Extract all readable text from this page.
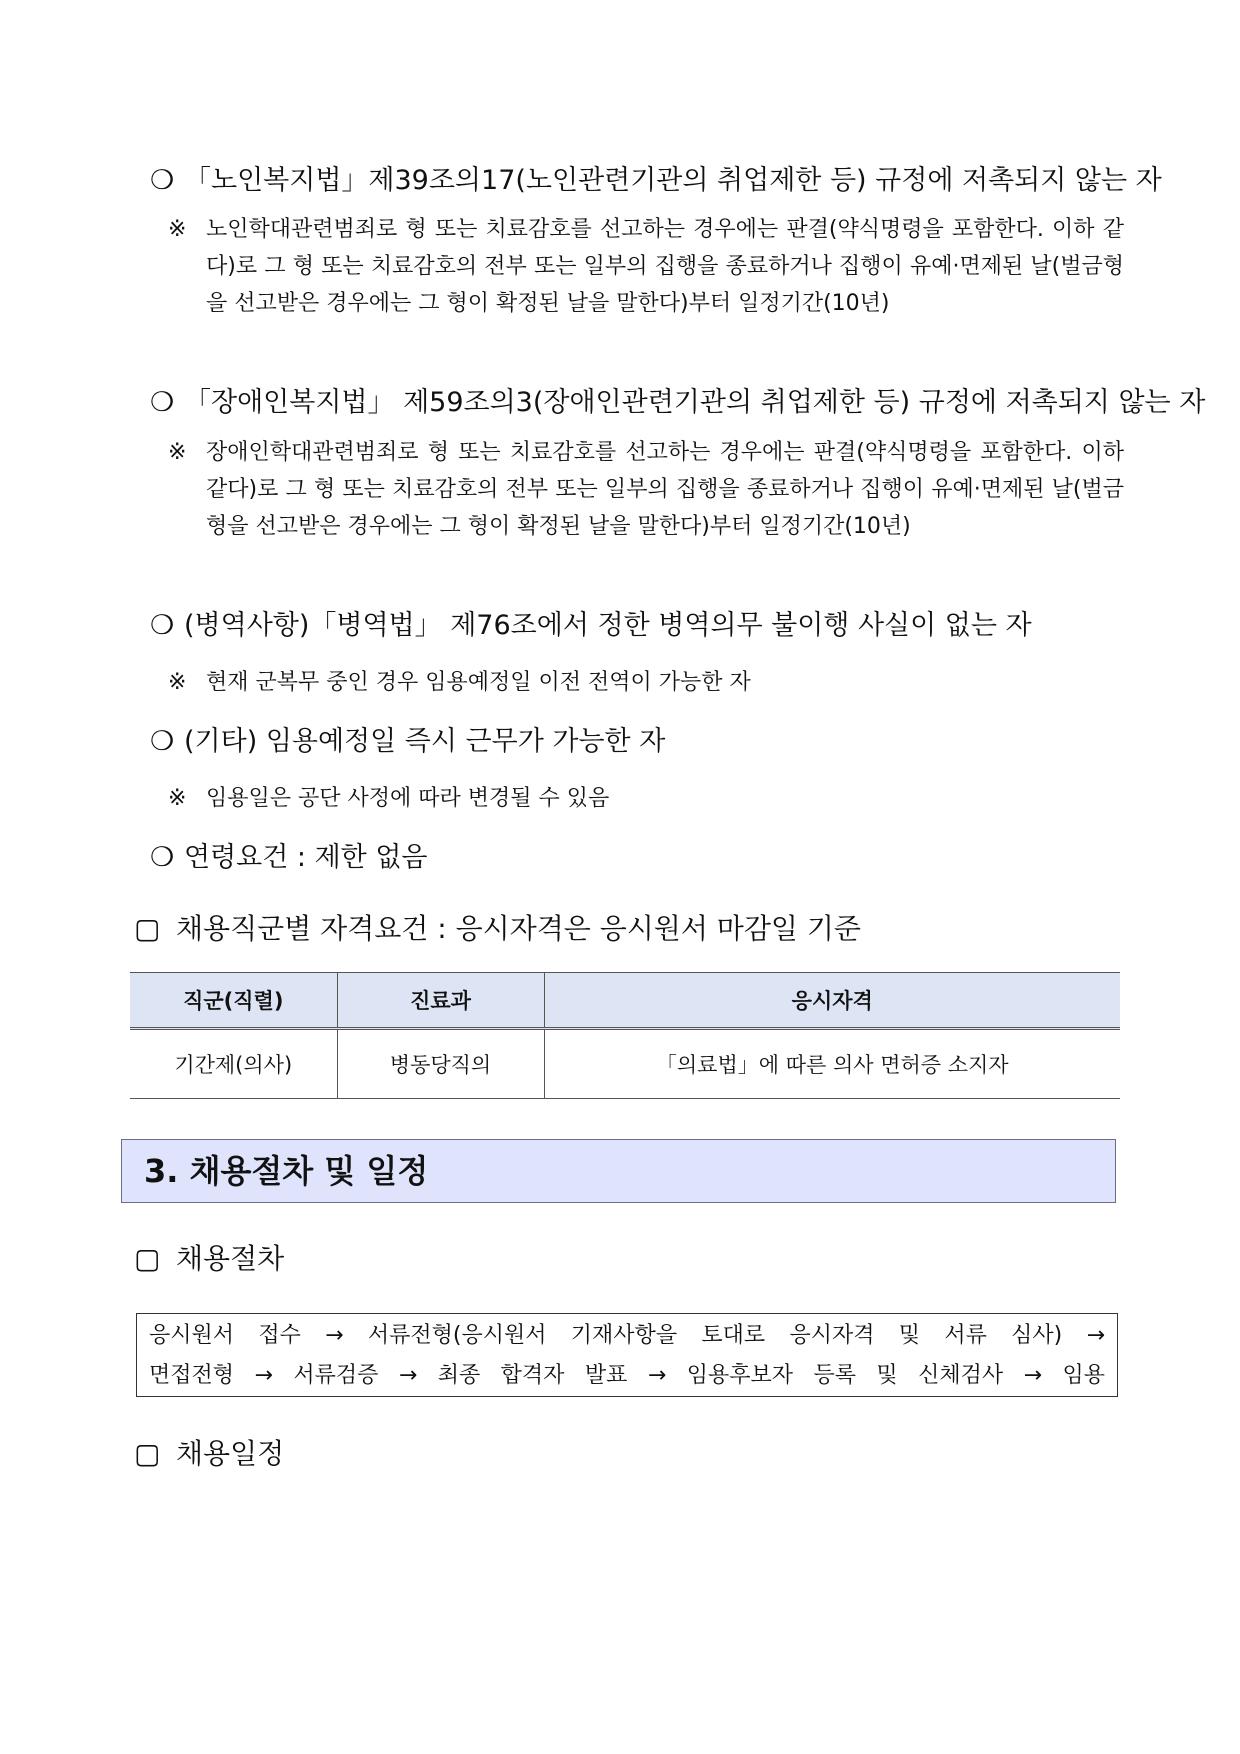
❍ 「노인복지법」제39조의17(노인관련기관의 취업제한 등) 규정에 저촉되지 않는 자
※ 노인학대관련범죄로 형 또는 치료감호를 선고하는 경우에는 판결(약식명령을 포함한다. 이하 같다)로 그 형 또는 치료감호의 전부 또는 일부의 집행을 종료하거나 집행이 유예·면제된 날(벌금형을 선고받은 경우에는 그 형이 확정된 날을 말한다)부터 일정기간(10년)
❍ 「장애인복지법」 제59조의3(장애인관련기관의 취업제한 등) 규정에 저촉되지 않는 자
※ 장애인학대관련범죄로 형 또는 치료감호를 선고하는 경우에는 판결(약식명령을 포함한다. 이하 같다)로 그 형 또는 치료감호의 전부 또는 일부의 집행을 종료하거나 집행이 유예·면제된 날(벌금형을 선고받은 경우에는 그 형이 확정된 날을 말한다)부터 일정기간(10년)
❍ (병역사항)「병역법」 제76조에서 정한 병역의무 불이행 사실이 없는 자
※ 현재 군복무 중인 경우 임용예정일 이전 전역이 가능한 자
❍ (기타) 임용예정일 즉시 근무가 가능한 자
※ 임용일은 공단 사정에 따라 변경될 수 있음
❍ 연령요건 : 제한 없음
▢ 채용직군별 자격요건 : 응시자격은 응시원서 마감일 기준
직군(직렬)	진료과	응시자격
기간제(의사)	병동당직의	「의료법」에 따른 의사 면허증 소지자
3. 채용절차 및 일정
▢ 채용절차
응시원서 접수 → 서류전형(응시원서 기재사항을 토대로 응시자격 및 서류 심사) →
면접전형 → 서류검증 → 최종 합격자 발표 → 임용후보자 등록 및 신체검사 → 임용
▢ 채용일정
